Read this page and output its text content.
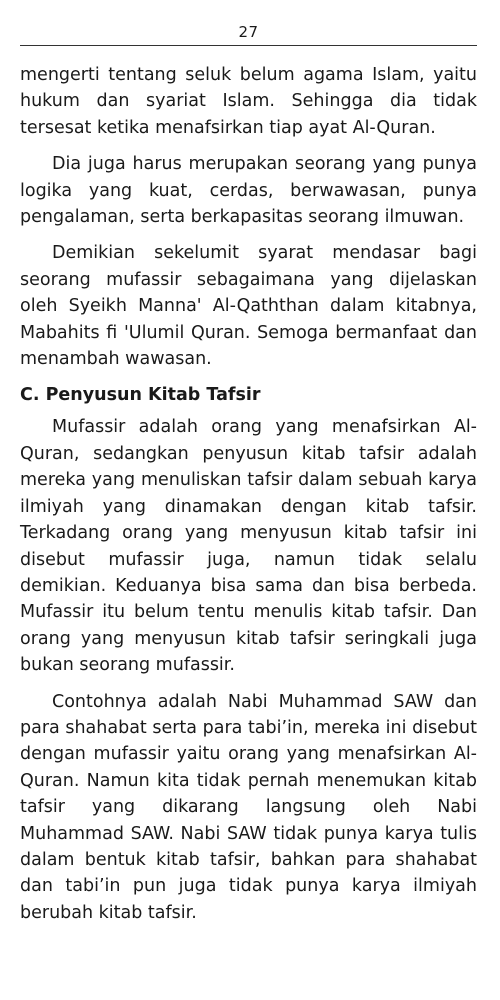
27

mengerti tentang seluk belum agama Islam, yaitu hukum dan syariat Islam. Sehingga dia tidak tersesat ketika menafsirkan tiap ayat Al-Quran.

Dia juga harus merupakan seorang yang punya logika yang kuat, cerdas, berwawasan, punya pengalaman, serta berkapasitas seorang ilmuwan.

Demikian sekelumit syarat mendasar bagi seorang mufassir sebagaimana yang dijelaskan oleh Syeikh Manna' Al-Qaththan dalam kitabnya, Mabahits fi 'Ulumil Quran. Semoga bermanfaat dan menambah wawasan.

C. Penyusun Kitab Tafsir

Mufassir adalah orang yang menafsirkan Al-Quran, sedangkan penyusun kitab tafsir adalah mereka yang menuliskan tafsir dalam sebuah karya ilmiyah yang dinamakan dengan kitab tafsir. Terkadang orang yang menyusun kitab tafsir ini disebut mufassir juga, namun tidak selalu demikian. Keduanya bisa sama dan bisa berbeda. Mufassir itu belum tentu menulis kitab tafsir. Dan orang yang menyusun kitab tafsir seringkali juga bukan seorang mufassir.

Contohnya adalah Nabi Muhammad SAW dan para shahabat serta para tabi’in, mereka ini disebut dengan mufassir yaitu orang yang menafsirkan Al-Quran. Namun kita tidak pernah menemukan kitab tafsir yang dikarang langsung oleh Nabi Muhammad SAW. Nabi SAW tidak punya karya tulis dalam bentuk kitab tafsir, bahkan para shahabat dan tabi’in pun juga tidak punya karya ilmiyah berubah kitab tafsir.
